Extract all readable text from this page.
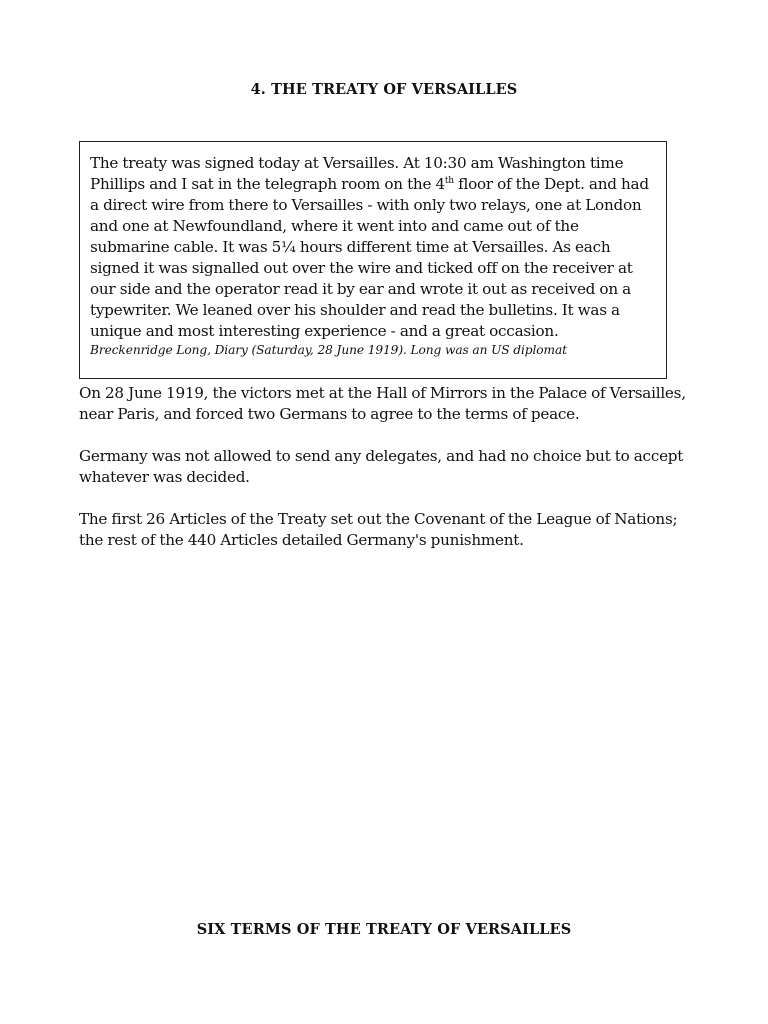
4. THE TREATY OF VERSAILLES
The treaty was signed today at Versailles. At 10:30 am Washington time
Phillips and I sat in the telegraph room on the 4th floor of the Dept. and had
a direct wire from there to Versailles - with only two relays, one at London
and one at Newfoundland, where it went into and came out of the
submarine cable. It was 5¼ hours different time at Versailles. As each
signed it was signalled out over the wire and ticked off on the receiver at
our side and the operator read it by ear and wrote it out as received on a
typewriter. We leaned over his shoulder and read the bulletins. It was a
unique and most interesting experience - and a great occasion.
Breckenridge Long, Diary (Saturday, 28 June 1919). Long was an US diplomat

On 28 June 1919, the victors met at the Hall of Mirrors in the Palace of Versailles,
near Paris, and forced two Germans to agree to the terms of peace.

Germany was not allowed to send any delegates, and had no choice but to accept
whatever was decided.

The first 26 Articles of the Treaty set out the Covenant of the League of Nations;
the rest of the 440 Articles detailed Germany's punishment.

SIX TERMS OF THE TREATY OF VERSAILLES
